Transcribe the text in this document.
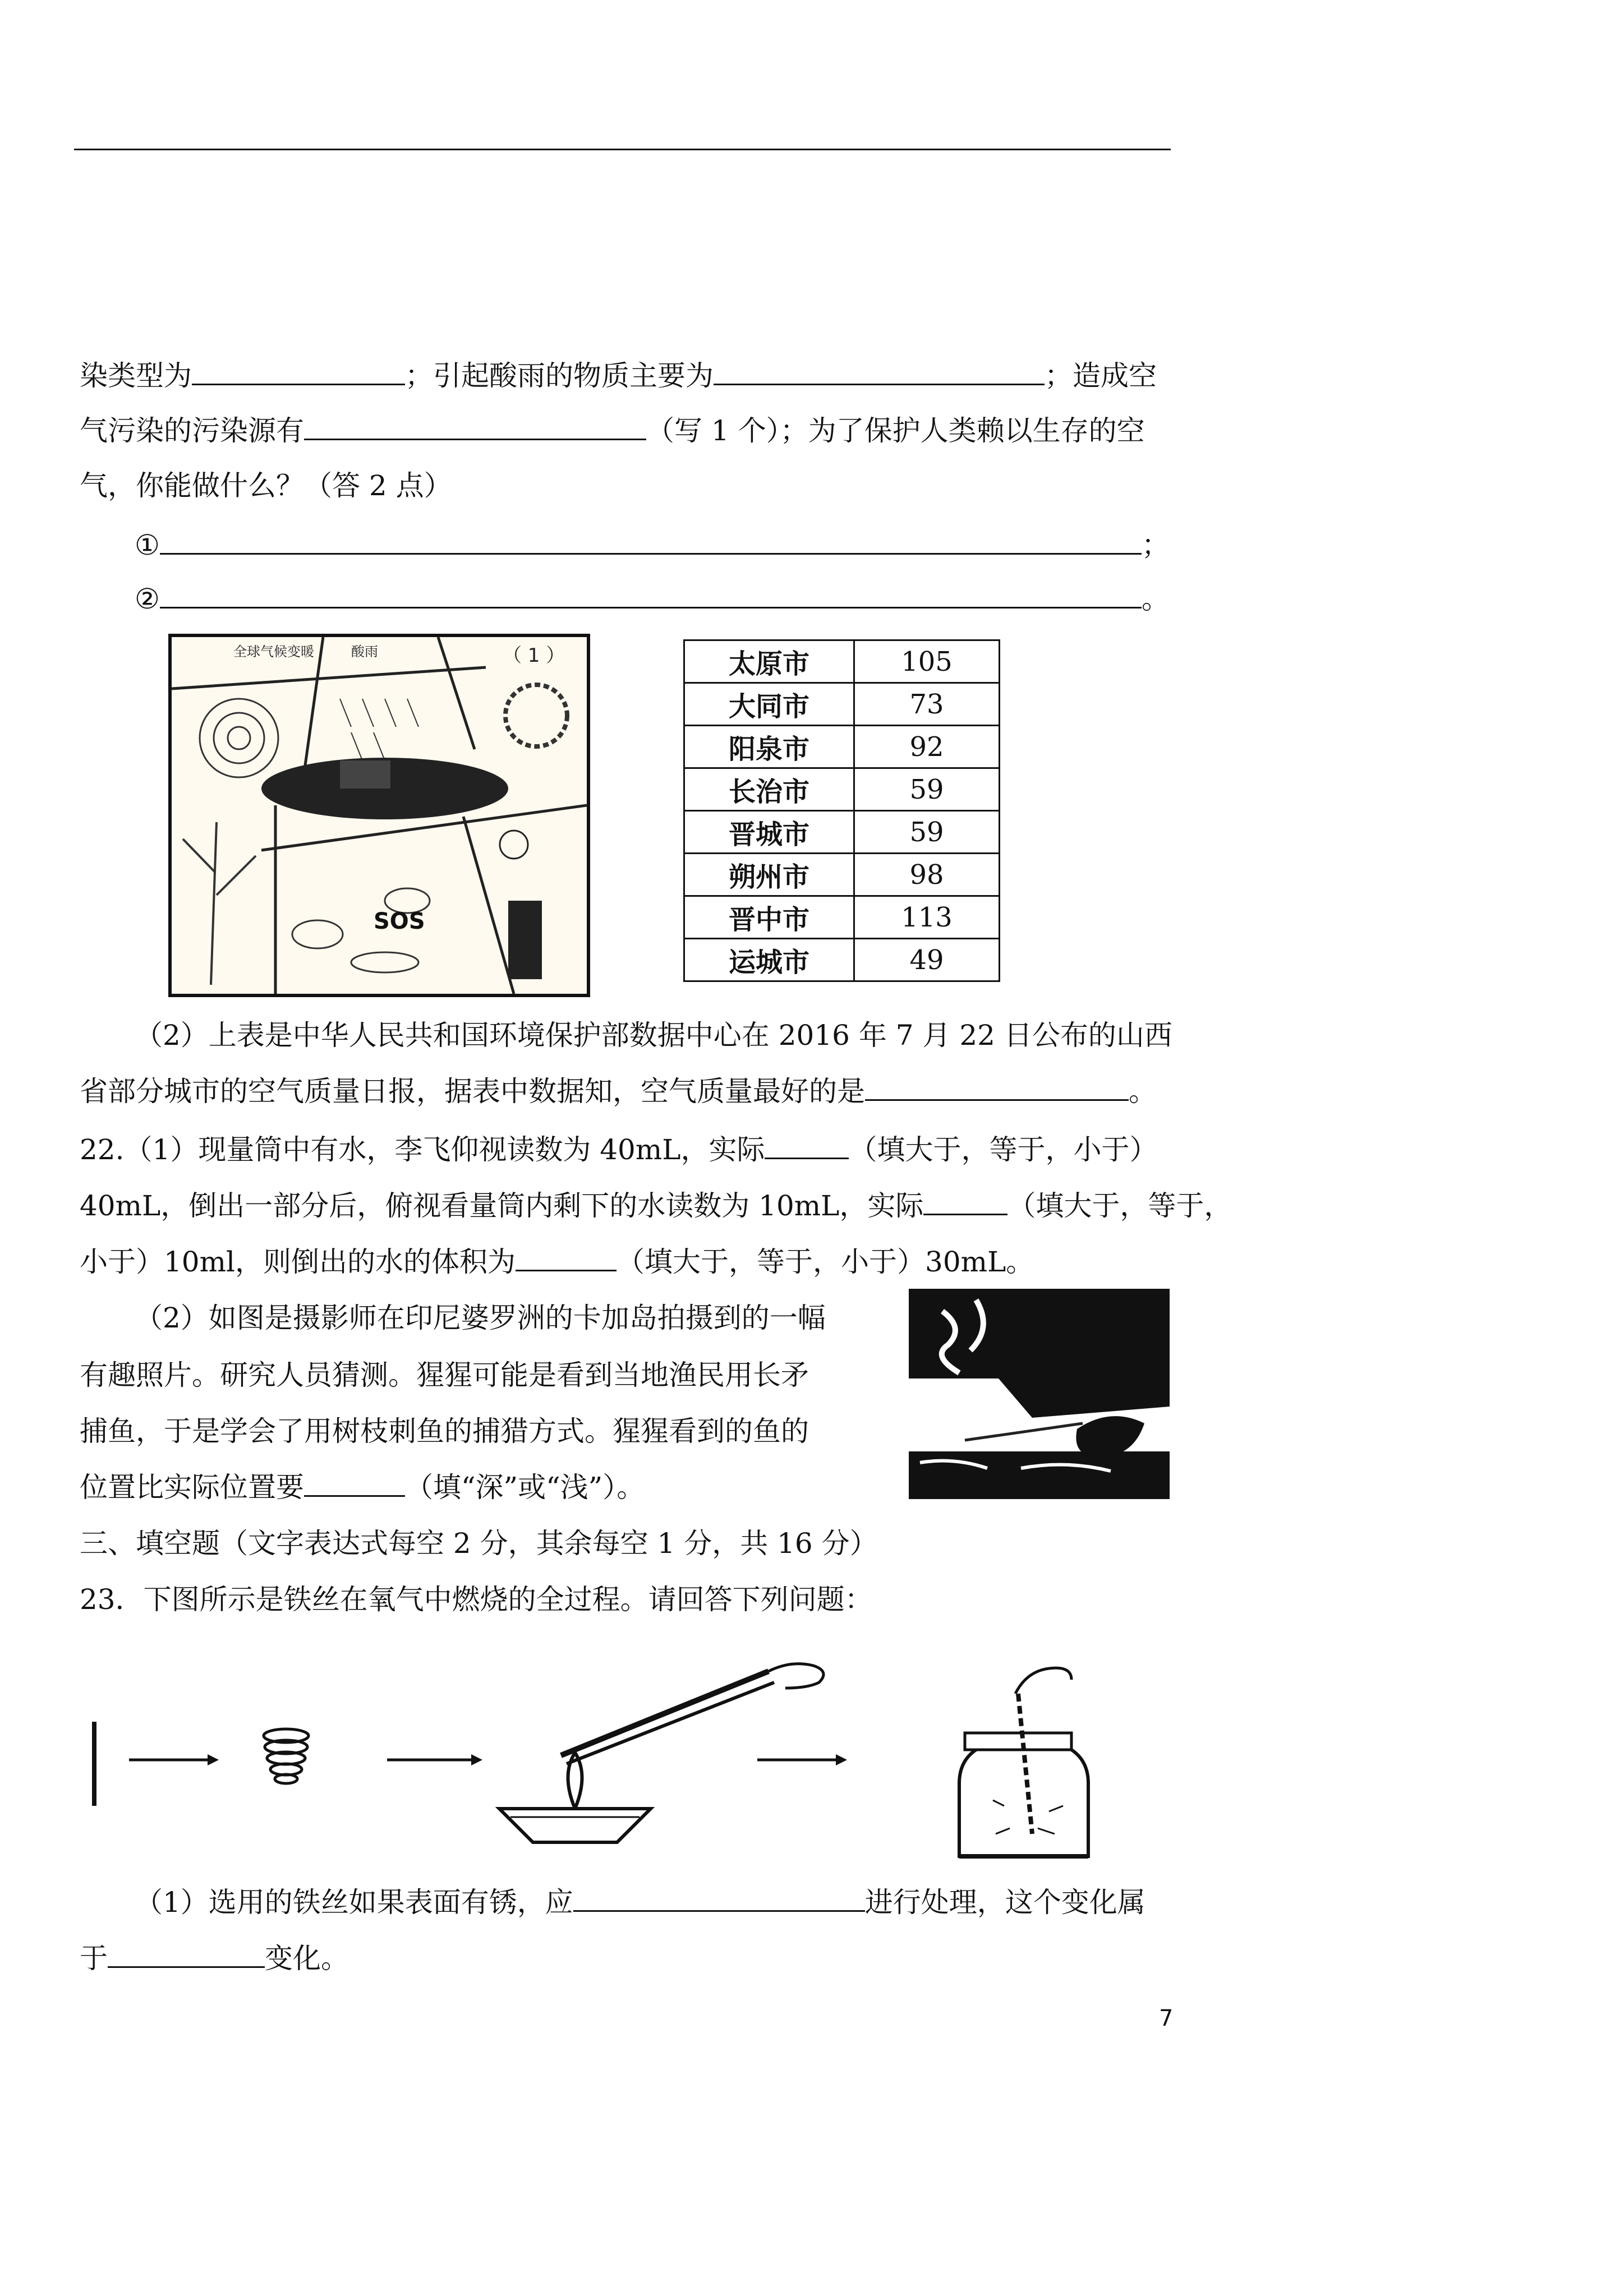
染类型为	；引起酸雨的物质主要为	；造成空
气污染的污染源有	（写 1 个）；为了保护人类赖以生存的空
气，你能做什么？（答 2 点）
①	；
②	。
全球气候变暖	酸雨	（ 1 ）
SOS
太原市	105
大同市	73
阳泉市	92
长治市	59
晋城市	59
朔州市	98
晋中市	113
运城市	49
（2）上表是中华人民共和国环境保护部数据中心在 2016 年 7 月 22 日公布的山西
省部分城市的空气质量日报，据表中数据知，空气质量最好的是	。
22.（1）现量筒中有水，李飞仰视读数为 40mL，实际	（填大于，等于，小于）
40mL，倒出一部分后，俯视看量筒内剩下的水读数为 10mL，实际	（填大于，等于，
小于）10ml，则倒出的水的体积为	（填大于，等于，小于）30mL。
（2）如图是摄影师在印尼婆罗洲的卡加岛拍摄到的一幅
有趣照片。研究人员猜测。猩猩可能是看到当地渔民用长矛
捕鱼，于是学会了用树枝刺鱼的捕猎方式。猩猩看到的鱼的
位置比实际位置要	（填“深”或“浅”）。
三、填空题（文字表达式每空 2 分，其余每空 1 分，共 16 分）
23．下图所示是铁丝在氧气中燃烧的全过程。请回答下列问题：
（1）选用的铁丝如果表面有锈，应	进行处理，这个变化属
于	变化。
7
